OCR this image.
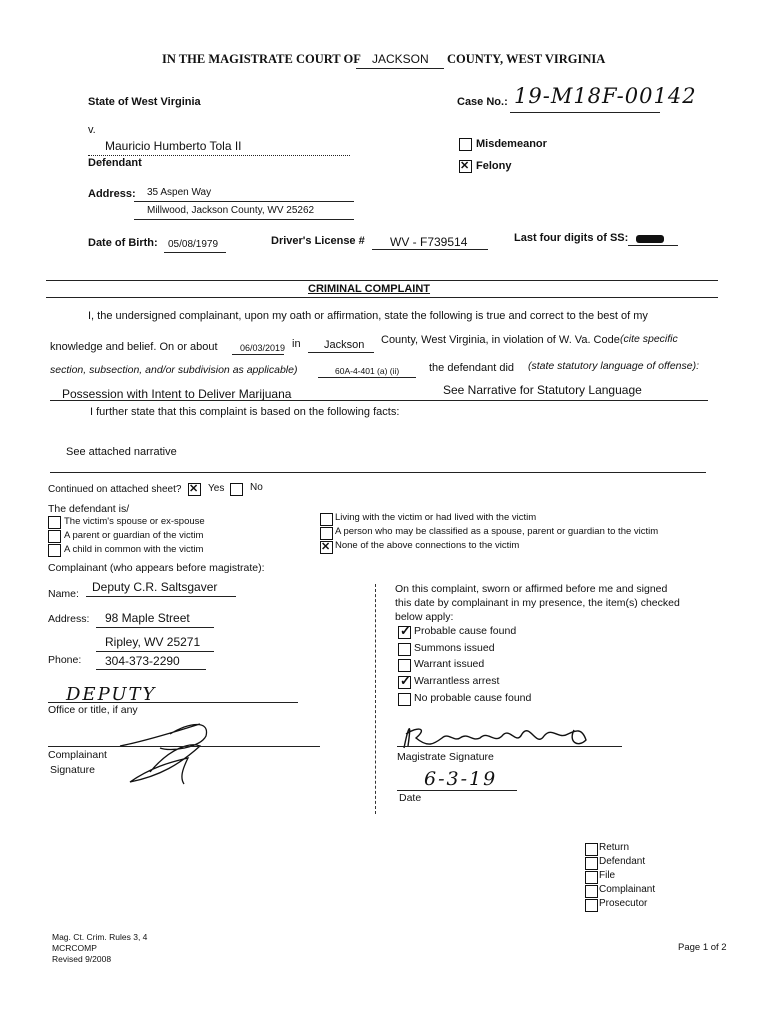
IN THE MAGISTRATE COURT OF JACKSON COUNTY, WEST VIRGINIA
State of West Virginia	Case No.: 19-M18F-00142
v.
Mauricio Humberto Tola II
Defendant
Misdemeanor
✕
Felony
Address: 35 Aspen Way
Millwood, Jackson County, WV 25262
Date of Birth: 05/08/1979	Driver's License # WV - F739514	Last four digits of SS:
CRIMINAL COMPLAINT
I, the undersigned complainant, upon my oath or affirmation, state the following is true and correct to the best of my
knowledge and belief. On or about 06/03/2019 in Jackson County, West Virginia, in violation of W. Va. Code (cite specific
section, subsection, and/or subdivision as applicable)	60A-4-401 (a) (ii)	the defendant did (state statutory language of offense):
Possession with Intent to Deliver Marijuana	See Narrative for Statutory Language
I further state that this complaint is based on the following facts:
See attached narrative
Continued on attached sheet?
✕	Yes	No
The defendant is/
The victim's spouse or ex-spouse
A parent or guardian of the victim
A child in common with the victim
Living with the victim or had lived with the victim
A person who may be classified as a spouse, parent or guardian to the victim
✕
None of the above connections to the victim
Complainant (who appears before magistrate):
Name: Deputy C.R. Saltsgaver
Address: 98 Maple Street
Ripley, WV 25271
Phone: 304-373-2290
DEPUTY
Office or title, if any
Complainant
Signature
On this complaint, sworn or affirmed before me and signed
this date by complainant in my presence, the item(s) checked
below apply:
✓
Probable cause found
Summons issued
Warrant issued
✓
Warrantless arrest
No probable cause found
Magistrate Signature
6-3-19
Date
Return
Defendant
File
Complainant
Prosecutor
Mag. Ct. Crim. Rules 3, 4
MCRCOMP
Revised 9/2008
Page 1 of 2
